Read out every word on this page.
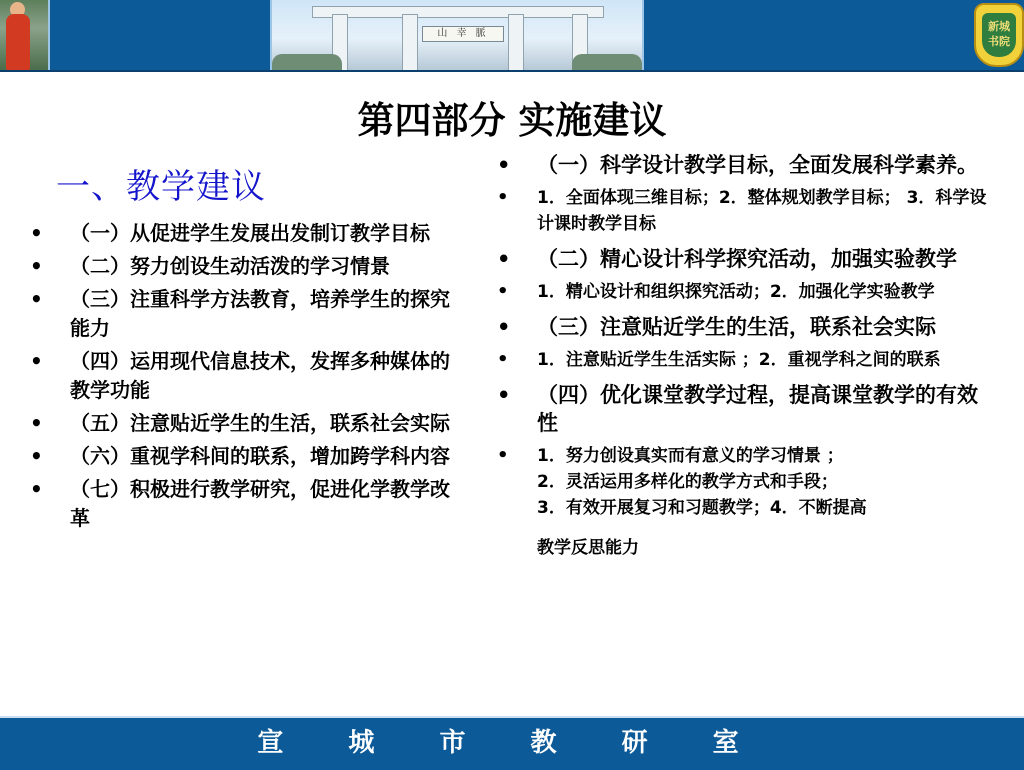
山 幸 脈
新城 书院
第四部分 实施建议
一、教学建议
• （一）从促进学生发展出发制订教学目标
• （二）努力创设生动活泼的学习情景
• （三）注重科学方法教育，培养学生的探究能力
• （四）运用现代信息技术，发挥多种媒体的教学功能
• （五）注意贴近学生的生活，联系社会实际
• （六）重视学科间的联系，增加跨学科内容
• （七）积极进行教学研究，促进化学教学改革
• （一）科学设计教学目标，全面发展科学素养。
• 1．全面体现三维目标；2．整体规划教学目标； 3．科学设计课时教学目标
• （二）精心设计科学探究活动，加强实验教学
• 1．精心设计和组织探究活动；2．加强化学实验教学
• （三）注意贴近学生的生活，联系社会实际
• 1．注意贴近学生生活实际 ；2．重视学科之间的联系
• （四）优化课堂教学过程，提高课堂教学的有效性
• 1．努力创设真实而有意义的学习情景 ；
2．灵活运用多样化的教学方式和手段；
3．有效开展复习和习题教学；4．不断提高
教学反思能力
宣 城 市 教 研 室
